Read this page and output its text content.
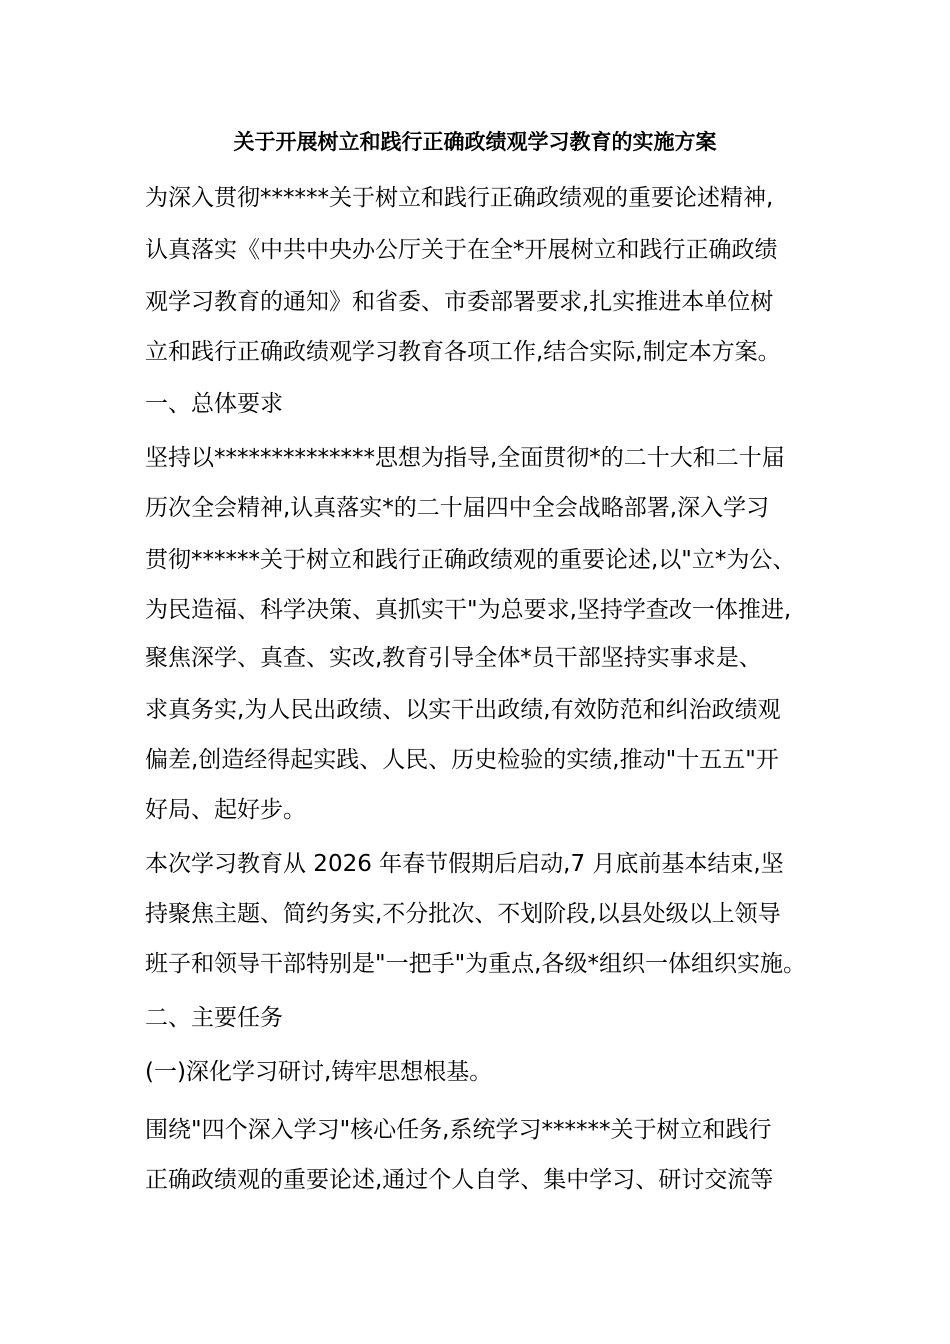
关于开展树立和践行正确政绩观学习教育的实施方案
为深入贯彻******关于树立和践行正确政绩观的重要论述精神,
认真落实《中共中央办公厅关于在全*开展树立和践行正确政绩
观学习教育的通知》和省委、市委部署要求,扎实推进本单位树
立和践行正确政绩观学习教育各项工作,结合实际,制定本方案。
一、总体要求
坚持以**************思想为指导,全面贯彻*的二十大和二十届
历次全会精神,认真落实*的二十届四中全会战略部署,深入学习
贯彻******关于树立和践行正确政绩观的重要论述,以"立*为公、
为民造福、科学决策、真抓实干"为总要求,坚持学查改一体推进,
聚焦深学、真查、实改,教育引导全体*员干部坚持实事求是、
求真务实,为人民出政绩、以实干出政绩,有效防范和纠治政绩观
偏差,创造经得起实践、人民、历史检验的实绩,推动"十五五"开
好局、起好步。
本次学习教育从 2026 年春节假期后启动,7 月底前基本结束,坚
持聚焦主题、简约务实,不分批次、不划阶段,以县处级以上领导
班子和领导干部特别是"一把手"为重点,各级*组织一体组织实施。
二、主要任务
(一)深化学习研讨,铸牢思想根基。
围绕"四个深入学习"核心任务,系统学习******关于树立和践行
正确政绩观的重要论述,通过个人自学、集中学习、研讨交流等
